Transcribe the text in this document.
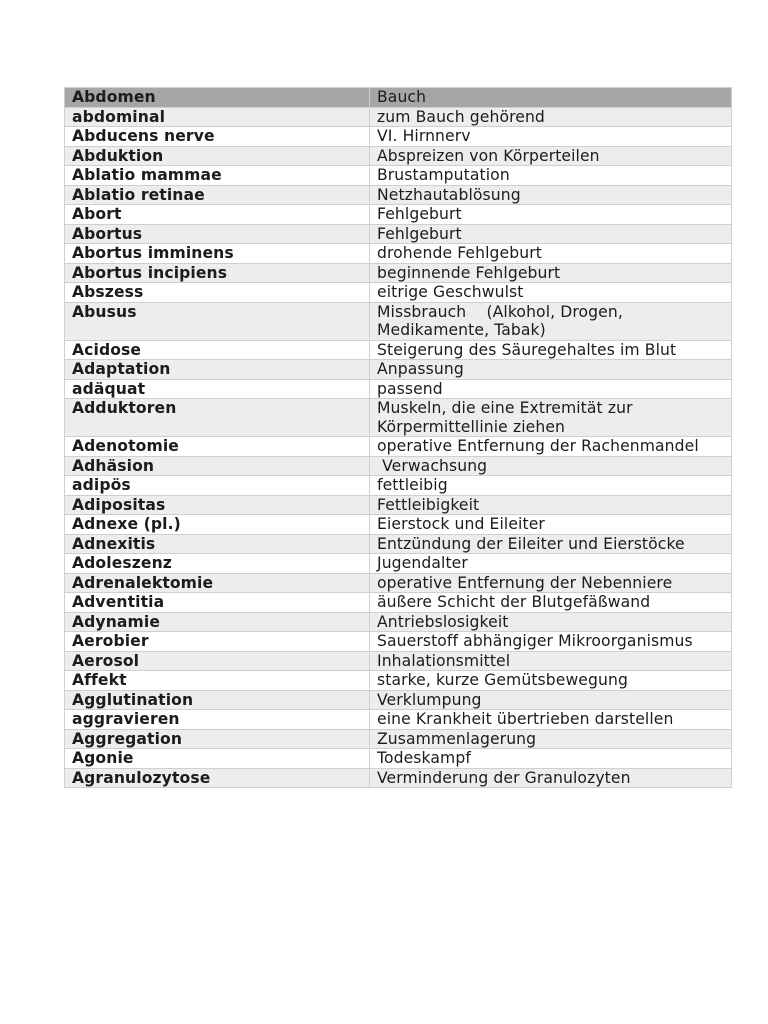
Abdomen	Bauch
abdominal	zum Bauch gehörend
Abducens nerve	VI. Hirnnerv
Abduktion	Abspreizen von Körperteilen
Ablatio mammae	Brustamputation
Ablatio retinae	Netzhautablösung
Abort	Fehlgeburt
Abortus	Fehlgeburt
Abortus imminens	drohende Fehlgeburt
Abortus incipiens	beginnende Fehlgeburt
Abszess	eitrige Geschwulst
Abusus	Missbrauch    (Alkohol, Drogen, Medikamente, Tabak)
Acidose	Steigerung des Säuregehaltes im Blut
Adaptation	Anpassung
adäquat	passend
Adduktoren	Muskeln, die eine Extremität zur Körpermittellinie ziehen
Adenotomie	operative Entfernung der Rachenmandel
Adhäsion	Verwachsung
adipös	fettleibig
Adipositas	Fettleibigkeit
Adnexe (pl.)	Eierstock und Eileiter
Adnexitis	Entzündung der Eileiter und Eierstöcke
Adoleszenz	Jugendalter
Adrenalektomie	operative Entfernung der Nebenniere
Adventitia	äußere Schicht der Blutgefäßwand
Adynamie	Antriebslosigkeit
Aerobier	Sauerstoff abhängiger Mikroorganismus
Aerosol	Inhalationsmittel
Affekt	starke, kurze Gemütsbewegung
Agglutination	Verklumpung
aggravieren	eine Krankheit übertrieben darstellen
Aggregation	Zusammenlagerung
Agonie	Todeskampf
Agranulozytose	Verminderung der Granulozyten
